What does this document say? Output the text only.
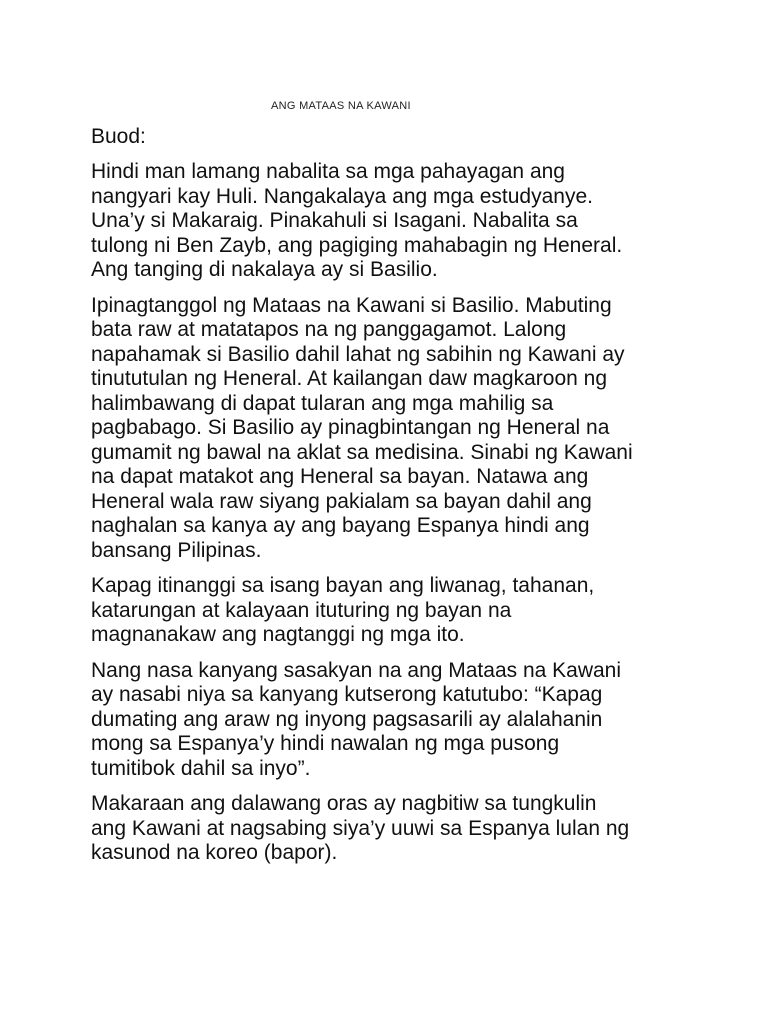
ANG MATAAS NA KAWANI
Buod:

Hindi man lamang nabalita sa mga pahayagan ang
nangyari kay Huli. Nangakalaya ang mga estudyanye.
Una’y si Makaraig. Pinakahuli si Isagani. Nabalita sa
tulong ni Ben Zayb, ang pagiging mahabagin ng Heneral.
Ang tanging di nakalaya ay si Basilio.

Ipinagtanggol ng Mataas na Kawani si Basilio. Mabuting
bata raw at matatapos na ng panggagamot. Lalong
napahamak si Basilio dahil lahat ng sabihin ng Kawani ay
tinututulan ng Heneral. At kailangan daw magkaroon ng
halimbawang di dapat tularan ang mga mahilig sa
pagbabago. Si Basilio ay pinagbintangan ng Heneral na
gumamit ng bawal na aklat sa medisina. Sinabi ng Kawani
na dapat matakot ang Heneral sa bayan. Natawa ang
Heneral wala raw siyang pakialam sa bayan dahil ang
naghalan sa kanya ay ang bayang Espanya hindi ang
bansang Pilipinas.

Kapag itinanggi sa isang bayan ang liwanag, tahanan,
katarungan at kalayaan ituturing ng bayan na
magnanakaw ang nagtanggi ng mga ito.

Nang nasa kanyang sasakyan na ang Mataas na Kawani
ay nasabi niya sa kanyang kutserong katutubo: “Kapag
dumating ang araw ng inyong pagsasarili ay alalahanin
mong sa Espanya’y hindi nawalan ng mga pusong
tumitibok dahil sa inyo”.

Makaraan ang dalawang oras ay nagbitiw sa tungkulin
ang Kawani at nagsabing siya’y uuwi sa Espanya lulan ng
kasunod na koreo (bapor).
